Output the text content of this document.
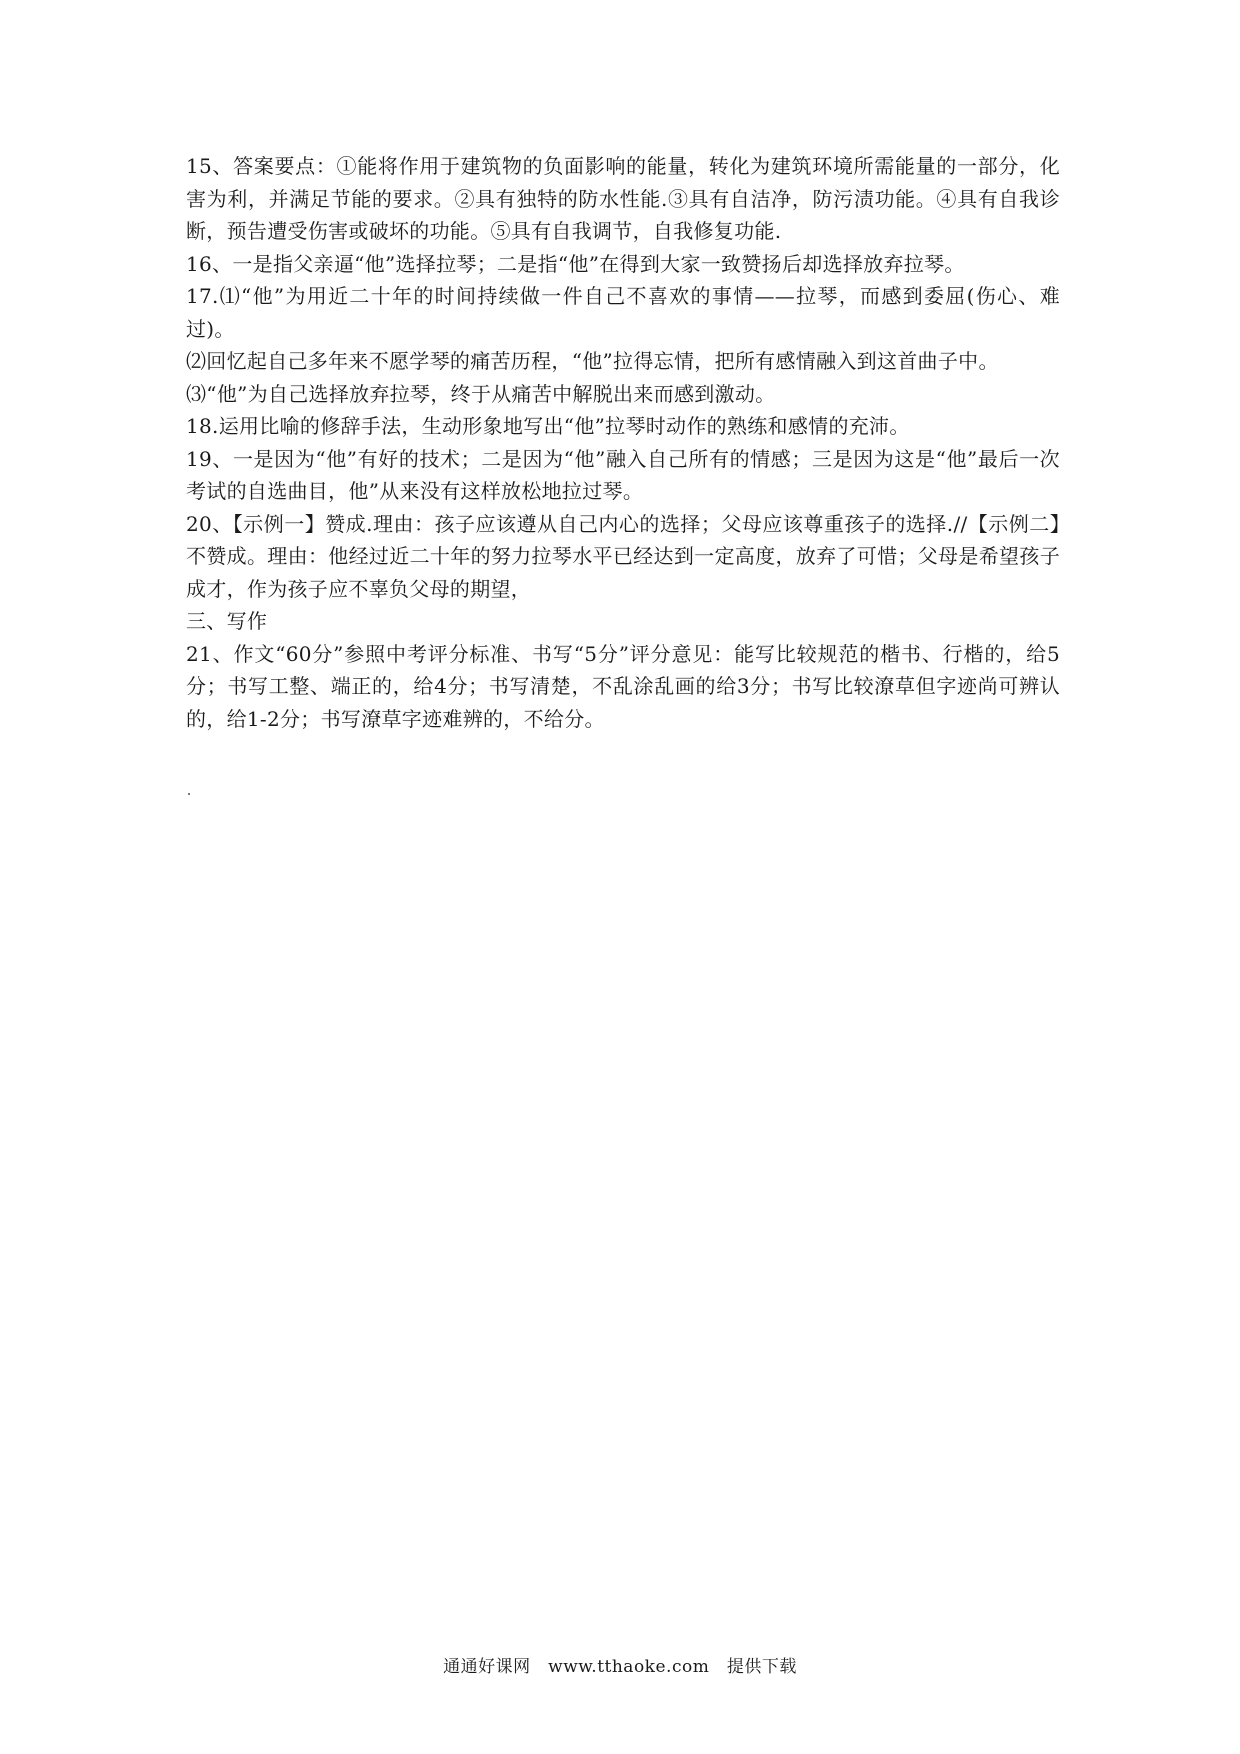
15、答案要点：①能将作用于建筑物的负面影响的能量，转化为建筑环境所需能量的一部分，化害为利，并满足节能的要求。②具有独特的防水性能.③具有自洁净，防污渍功能。④具有自我诊断，预告遭受伤害或破坏的功能。⑤具有自我调节，自我修复功能.

16、一是指父亲逼“他”选择拉琴；二是指“他”在得到大家一致赞扬后却选择放弃拉琴。

17.⑴“他”为用近二十年的时间持续做一件自己不喜欢的事情——拉琴，而感到委屈(伤心、难过)。

⑵回忆起自己多年来不愿学琴的痛苦历程，“他”拉得忘情，把所有感情融入到这首曲子中。

⑶“他”为自己选择放弃拉琴，终于从痛苦中解脱出来而感到激动。

18.运用比喻的修辞手法，生动形象地写出“他”拉琴时动作的熟练和感情的充沛。

19、一是因为“他”有好的技术；二是因为“他”融入自己所有的情感；三是因为这是“他”最后一次考试的自选曲目，他”从来没有这样放松地拉过琴。

20、【示例一】赞成.理由：孩子应该遵从自己内心的选择；父母应该尊重孩子的选择.//【示例二】不赞成。理由：他经过近二十年的努力拉琴水平已经达到一定高度，放弃了可惜；父母是希望孩子成才，作为孩子应不辜负父母的期望，

三、写作

21、作文“60分”参照中考评分标准、书写“5分”评分意见：能写比较规范的楷书、行楷的，给5分；书写工整、端正的，给4分；书写清楚，不乱涂乱画的给3分；书写比较潦草但字迹尚可辨认的，给1-2分；书写潦草字迹难辨的，不给分。

通通好课网　www.tthaoke.com　提供下载
